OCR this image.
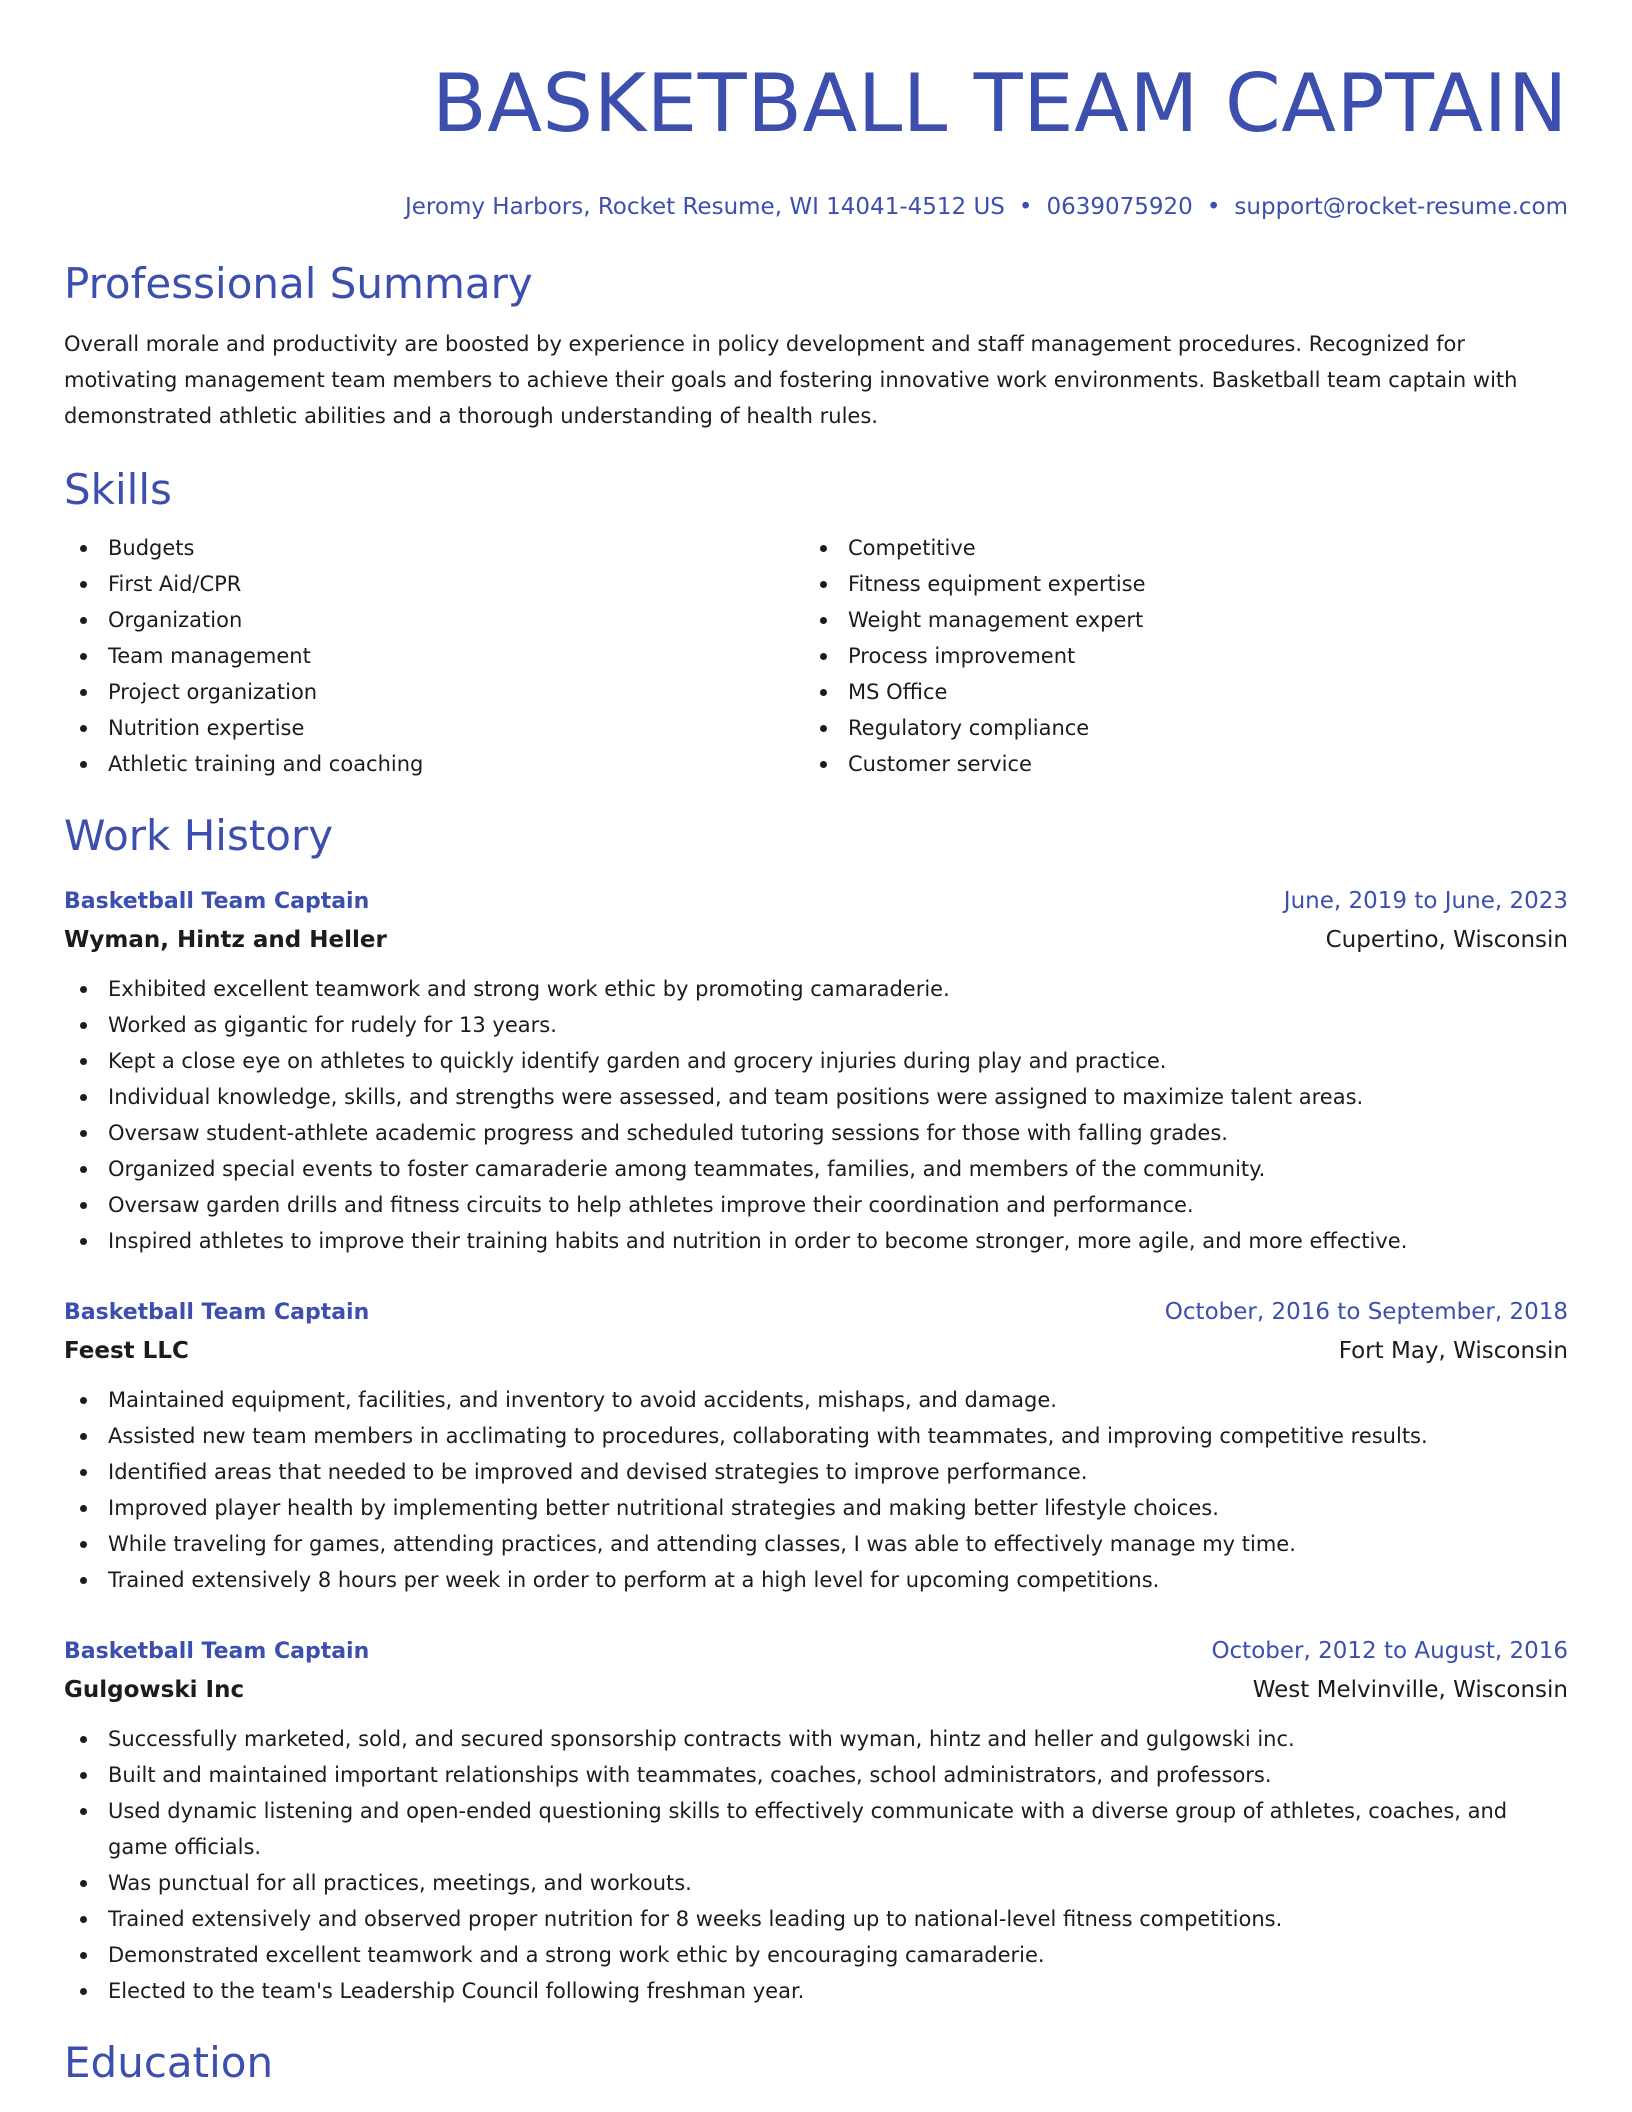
BASKETBALL TEAM CAPTAIN
Jeromy Harbors, Rocket Resume, WI 14041-4512 US • 0639075920 • support@rocket-resume.com
Professional Summary

Overall morale and productivity are boosted by experience in policy development and staff management procedures. Recognized for motivating management team members to achieve their goals and fostering innovative work environments. Basketball team captain with demonstrated athletic abilities and a thorough understanding of health rules.

Skills
Budgets
First Aid/CPR
Organization
Team management
Project organization
Nutrition expertise
Athletic training and coaching
Competitive
Fitness equipment expertise
Weight management expert
Process improvement
MS Office
Regulatory compliance
Customer service
Work History
Basketball Team Captain	June, 2019 to June, 2023
Wyman, Hintz and Heller	Cupertino, Wisconsin
Exhibited excellent teamwork and strong work ethic by promoting camaraderie.
Worked as gigantic for rudely for 13 years.
Kept a close eye on athletes to quickly identify garden and grocery injuries during play and practice.
Individual knowledge, skills, and strengths were assessed, and team positions were assigned to maximize talent areas.
Oversaw student-athlete academic progress and scheduled tutoring sessions for those with falling grades.
Organized special events to foster camaraderie among teammates, families, and members of the community.
Oversaw garden drills and fitness circuits to help athletes improve their coordination and performance.
Inspired athletes to improve their training habits and nutrition in order to become stronger, more agile, and more effective.
Basketball Team Captain	October, 2016 to September, 2018
Feest LLC	Fort May, Wisconsin
Maintained equipment, facilities, and inventory to avoid accidents, mishaps, and damage.
Assisted new team members in acclimating to procedures, collaborating with teammates, and improving competitive results.
Identified areas that needed to be improved and devised strategies to improve performance.
Improved player health by implementing better nutritional strategies and making better lifestyle choices.
While traveling for games, attending practices, and attending classes, I was able to effectively manage my time.
Trained extensively 8 hours per week in order to perform at a high level for upcoming competitions.
Basketball Team Captain	October, 2012 to August, 2016
Gulgowski Inc	West Melvinville, Wisconsin
Successfully marketed, sold, and secured sponsorship contracts with wyman, hintz and heller and gulgowski inc.
Built and maintained important relationships with teammates, coaches, school administrators, and professors.
Used dynamic listening and open-ended questioning skills to effectively communicate with a diverse group of athletes, coaches, and game officials.
Was punctual for all practices, meetings, and workouts.
Trained extensively and observed proper nutrition for 8 weeks leading up to national-level fitness competitions.
Demonstrated excellent teamwork and a strong work ethic by encouraging camaraderie.
Elected to the team's Leadership Council following freshman year.
Education
